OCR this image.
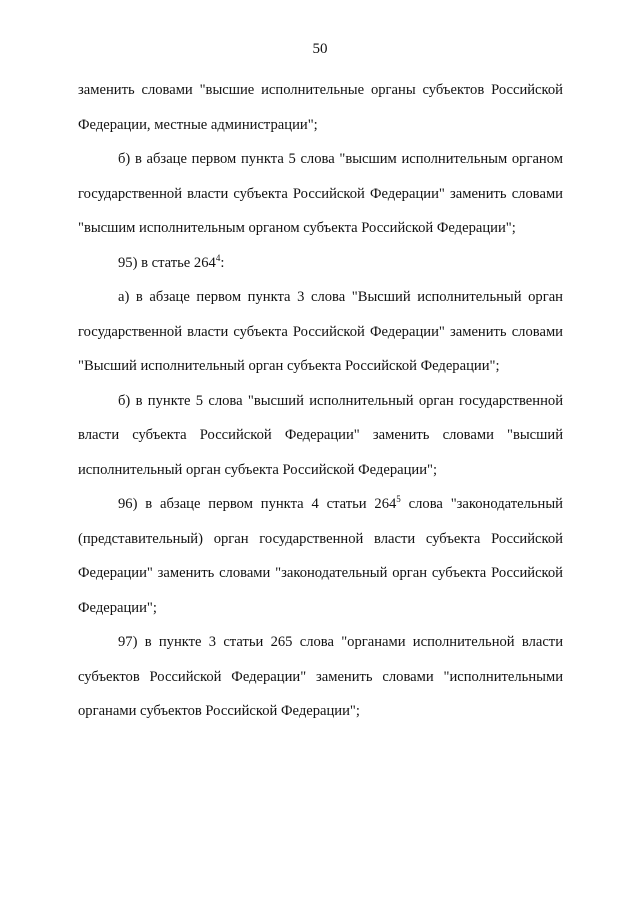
50

заменить словами "высшие исполнительные органы субъектов Российской Федерации, местные администрации";

б) в абзаце первом пункта 5 слова "высшим исполнительным органом государственной власти субъекта Российской Федерации" заменить словами "высшим исполнительным органом субъекта Российской Федерации";

95) в статье $264^4$:

а) в абзаце первом пункта 3 слова "Высший исполнительный орган государственной власти субъекта Российской Федерации" заменить словами "Высший исполнительный орган субъекта Российской Федерации";

б) в пункте 5 слова "высший исполнительный орган государственной власти субъекта Российской Федерации" заменить словами "высший исполнительный орган субъекта Российской Федерации";

96) в абзаце первом пункта 4 статьи $264^5$ слова "законодательный (представительный) орган государственной власти субъекта Российской Федерации" заменить словами "законодательный орган субъекта Российской Федерации";

97) в пункте 3 статьи 265 слова "органами исполнительной власти субъектов Российской Федерации" заменить словами "исполнительными органами субъектов Российской Федерации";
